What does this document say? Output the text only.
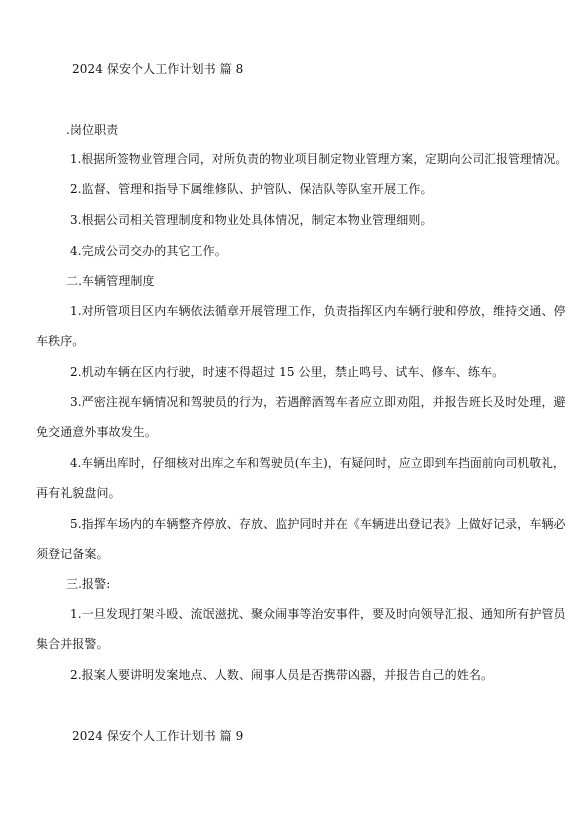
2024 保安个人工作计划书 篇 8
.岗位职责
1.根据所签物业管理合同，对所负责的物业项目制定物业管理方案，定期向公司汇报管理情况。
2.监督、管理和指导下属维修队、护管队、保洁队等队室开展工作。
3.根据公司相关管理制度和物业处具体情况，制定本物业管理细则。
4.完成公司交办的其它工作。
二.车辆管理制度
1.对所管项目区内车辆依法循章开展管理工作，负责指挥区内车辆行驶和停放，维持交通、停
车秩序。
2.机动车辆在区内行驶，时速不得超过 15 公里，禁止鸣号、试车、修车、练车。
3.严密注视车辆情况和驾驶员的行为，若遇醉酒驾车者应立即劝阻，并报告班长及时处理，避
免交通意外事故发生。
4.车辆出库时，仔细核对出库之车和驾驶员(车主)，有疑问时，应立即到车挡面前向司机敬礼，
再有礼貌盘问。
5.指挥车场内的车辆整齐停放、存放、监护同时并在《车辆进出登记表》上做好记录，车辆必
须登记备案。
三.报警:
1.一旦发现打架斗殴、流氓滋扰、聚众闹事等治安事件，要及时向领导汇报、通知所有护管员
集合并报警。
2.报案人要讲明发案地点、人数、闹事人员是否携带凶器，并报告自己的姓名。
2024 保安个人工作计划书 篇 9
